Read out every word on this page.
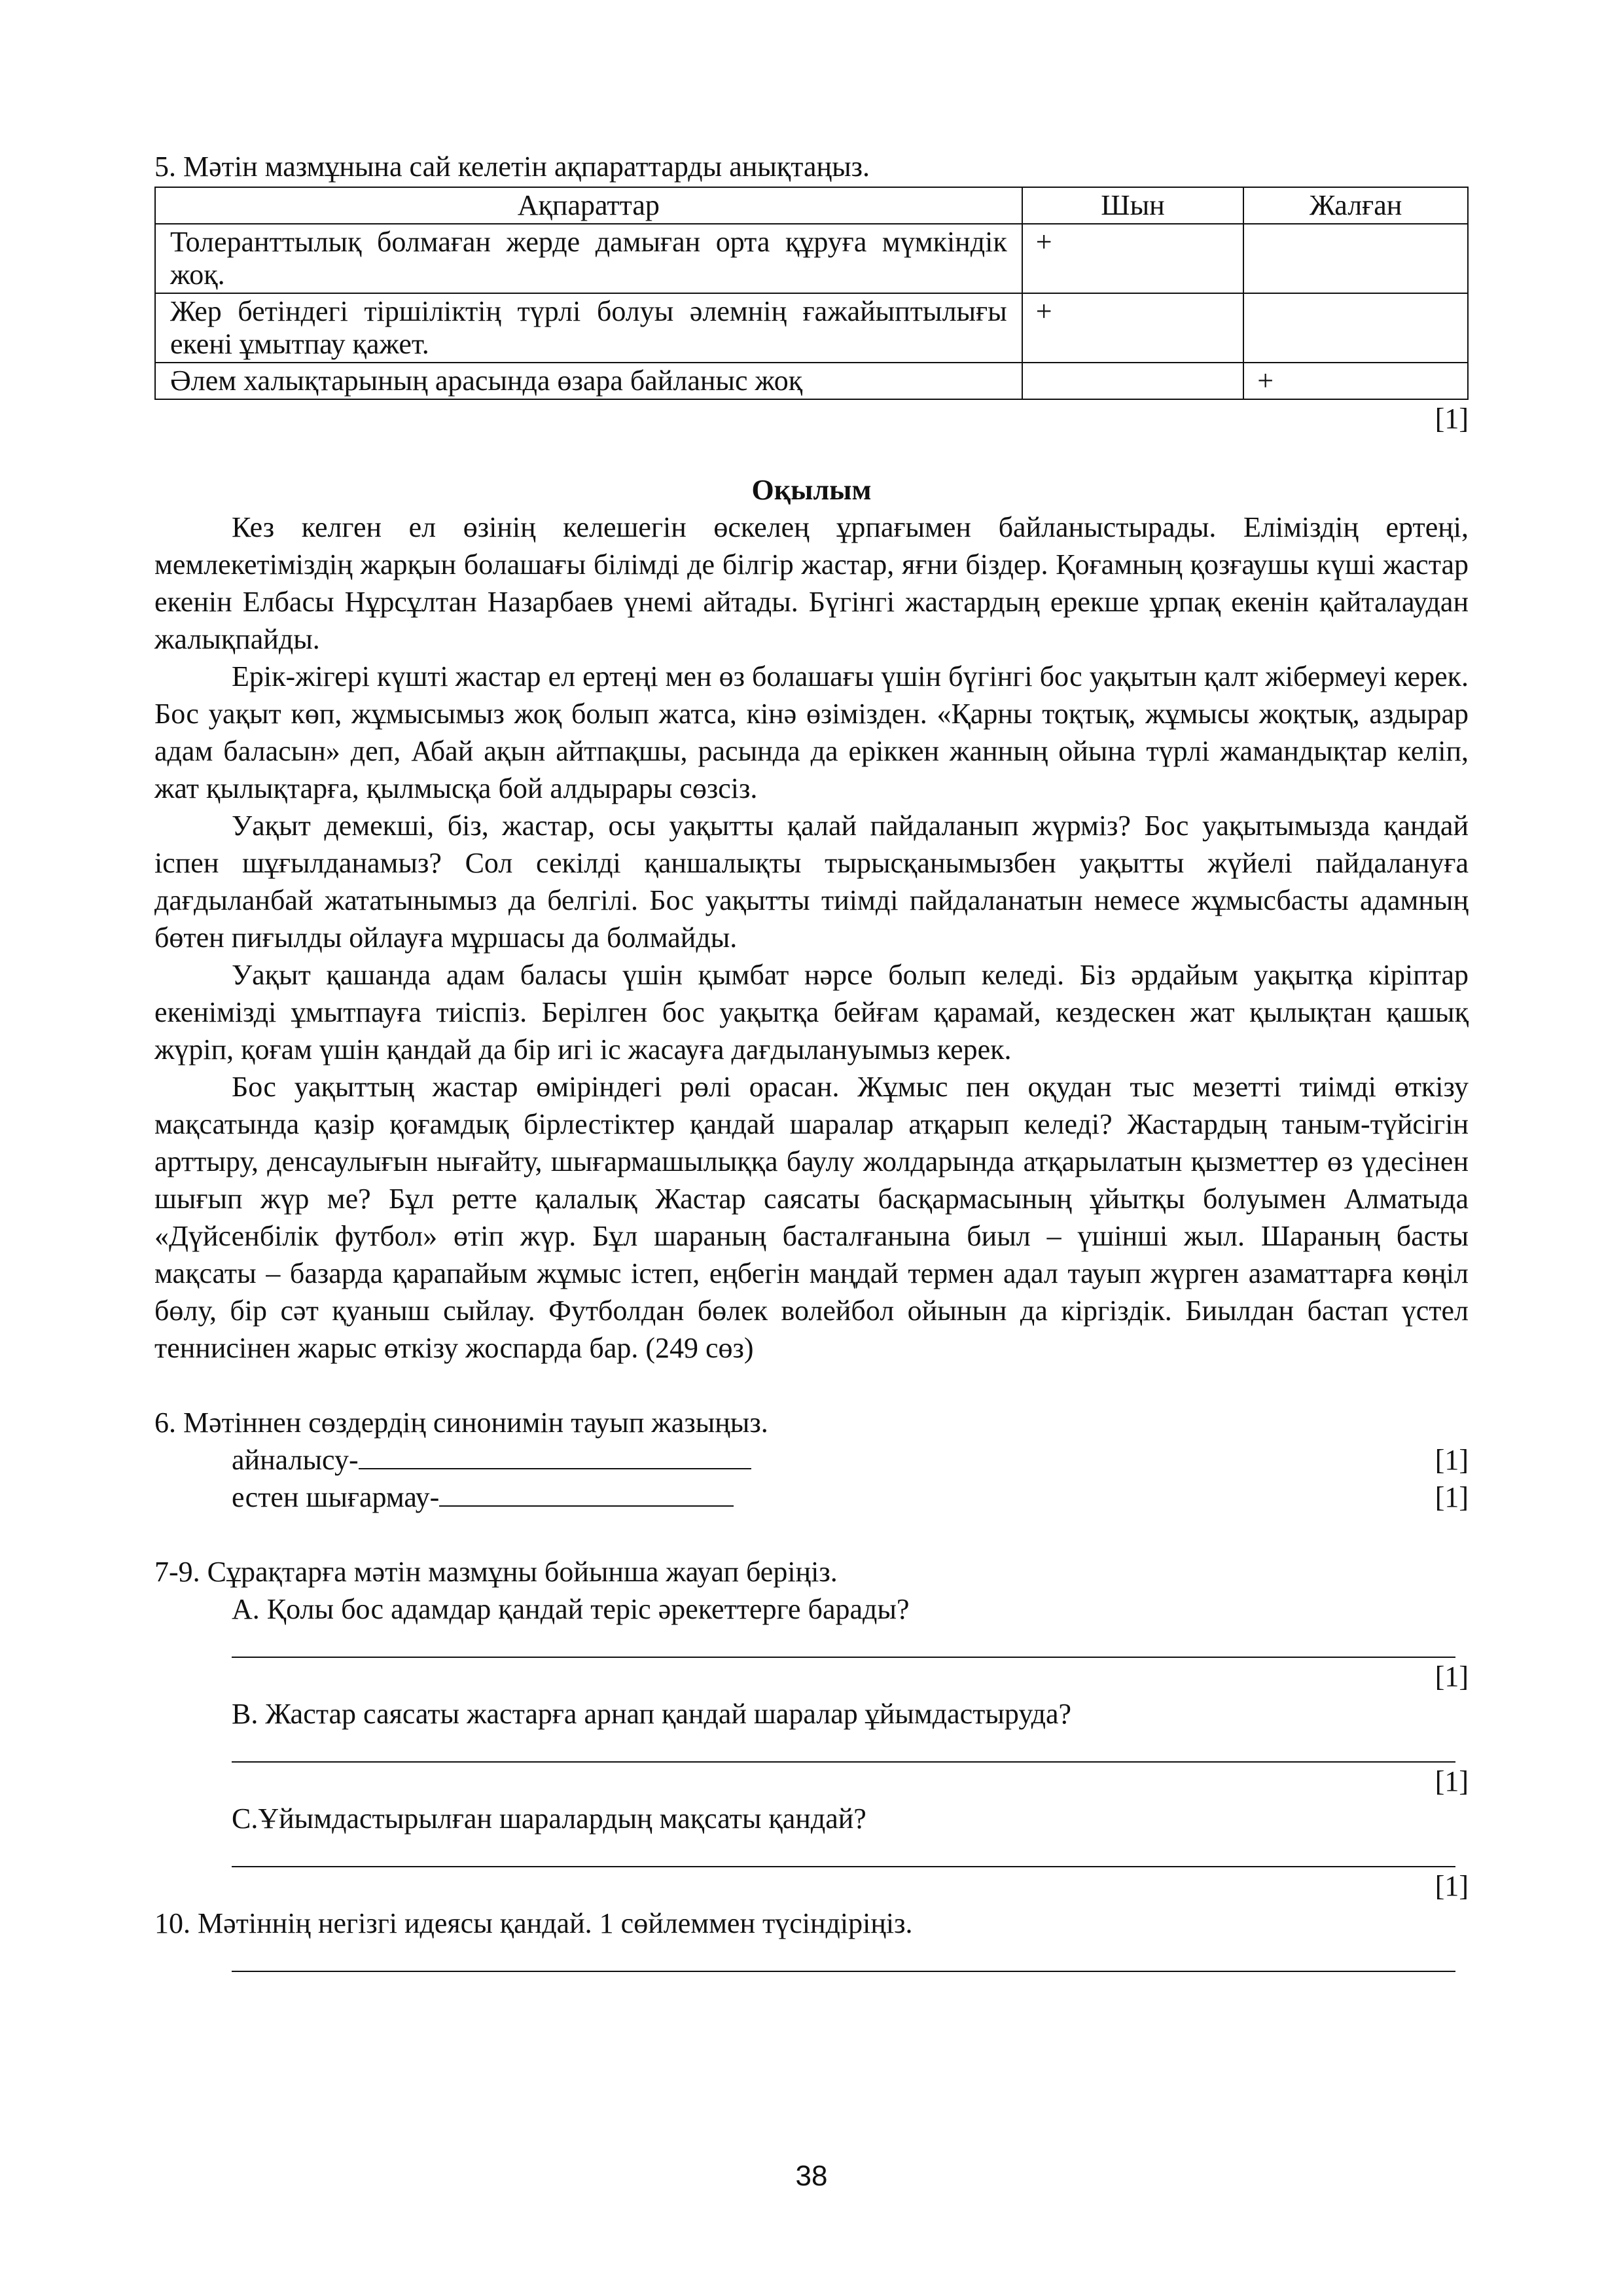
5. Мәтін мазмұнына сай келетін ақпараттарды анықтаңыз.

Ақпараттар	Шын	Жалған
Толеранттылық болмаған жерде дамыған орта құруға мүмкіндік жоқ.	+	
Жер бетіндегі тіршіліктің түрлі болуы әлемнің ғажайыптылығы екені ұмытпау қажет.	+	
Әлем халықтарының арасында өзара байланыс жоқ		+
[1]
Оқылым

Кез келген ел өзінің келешегін өскелең ұрпағымен байланыстырады. Еліміздің ертеңі, мемлекетіміздің жарқын болашағы білімді де білгір жастар, яғни біздер. Қоғамның қозғаушы күші жастар екенін Елбасы Нұрсұлтан Назарбаев үнемі айтады. Бүгінгі жастардың ерекше ұрпақ екенін қайталаудан жалықпайды.

Ерік-жігері күшті жастар ел ертеңі мен өз болашағы үшін бүгінгі бос уақытын қалт жібермеуі керек. Бос уақыт көп, жұмысымыз жоқ болып жатса, кінә өзімізден. «Қарны тоқтық, жұмысы жоқтық, аздырар адам баласын» деп, Абай ақын айтпақшы, расында да еріккен жанның ойына түрлі жамандықтар келіп, жат қылықтарға, қылмысқа бой алдырары сөзсіз.

Уақыт демекші, біз, жастар, осы уақытты қалай пайдаланып жүрміз? Бос уақытымызда қандай іспен шұғылданамыз? Сол секілді қаншалықты тырысқанымызбен уақытты жүйелі пайдалануға дағдыланбай жататынымыз да белгілі. Бос уақытты тиімді пайдаланатын немесе жұмысбасты адамның бөтен пиғылды ойлауға мұршасы да болмайды.

Уақыт қашанда адам баласы үшін қымбат нәрсе болып келеді. Біз әрдайым уақытқа кіріптар екенімізді ұмытпауға тиіспіз. Берілген бос уақытқа бейғам қарамай, кездескен жат қылықтан қашық жүріп, қоғам үшін қандай да бір игі іс жасауға дағдылануымыз керек.

Бос уақыттың жастар өміріндегі рөлі орасан. Жұмыс пен оқудан тыс мезетті тиімді өткізу мақсатында қазір қоғамдық бірлестіктер қандай шаралар атқарып келеді? Жастардың таным-түйсігін арттыру, денсаулығын нығайту, шығармашылыққа баулу жолдарында атқарылатын қызметтер өз үдесінен шығып жүр ме? Бұл ретте қалалық Жастар саясаты басқармасының ұйытқы болуымен Алматыда «Дүйсенбілік футбол» өтіп жүр. Бұл шараның басталғанына биыл – үшінші жыл. Шараның басты мақсаты – базарда қарапайым жұмыс істеп, еңбегін маңдай термен адал тауып жүрген азаматтарға көңіл бөлу, бір сәт қуаныш сыйлау. Футболдан бөлек волейбол ойынын да кіргіздік. Биылдан бастап үстел теннисінен жарыс өткізу жоспарда бар. (249 сөз)

6. Мәтіннен сөздердің синонимін тауып жазыңыз.
айналысу-	[1]
естен шығармау-	[1]
7-9. Сұрақтарға мәтін мазмұны бойынша жауап беріңіз.
А. Қолы бос адамдар қандай теріс әрекеттерге барады?
[1]
В. Жастар саясаты жастарға арнап қандай шаралар ұйымдастыруда?
[1]
С.Ұйымдастырылған шаралардың мақсаты қандай?
[1]
10. Мәтіннің негізгі идеясы қандай. 1 сөйлеммен түсіндіріңіз.
38
